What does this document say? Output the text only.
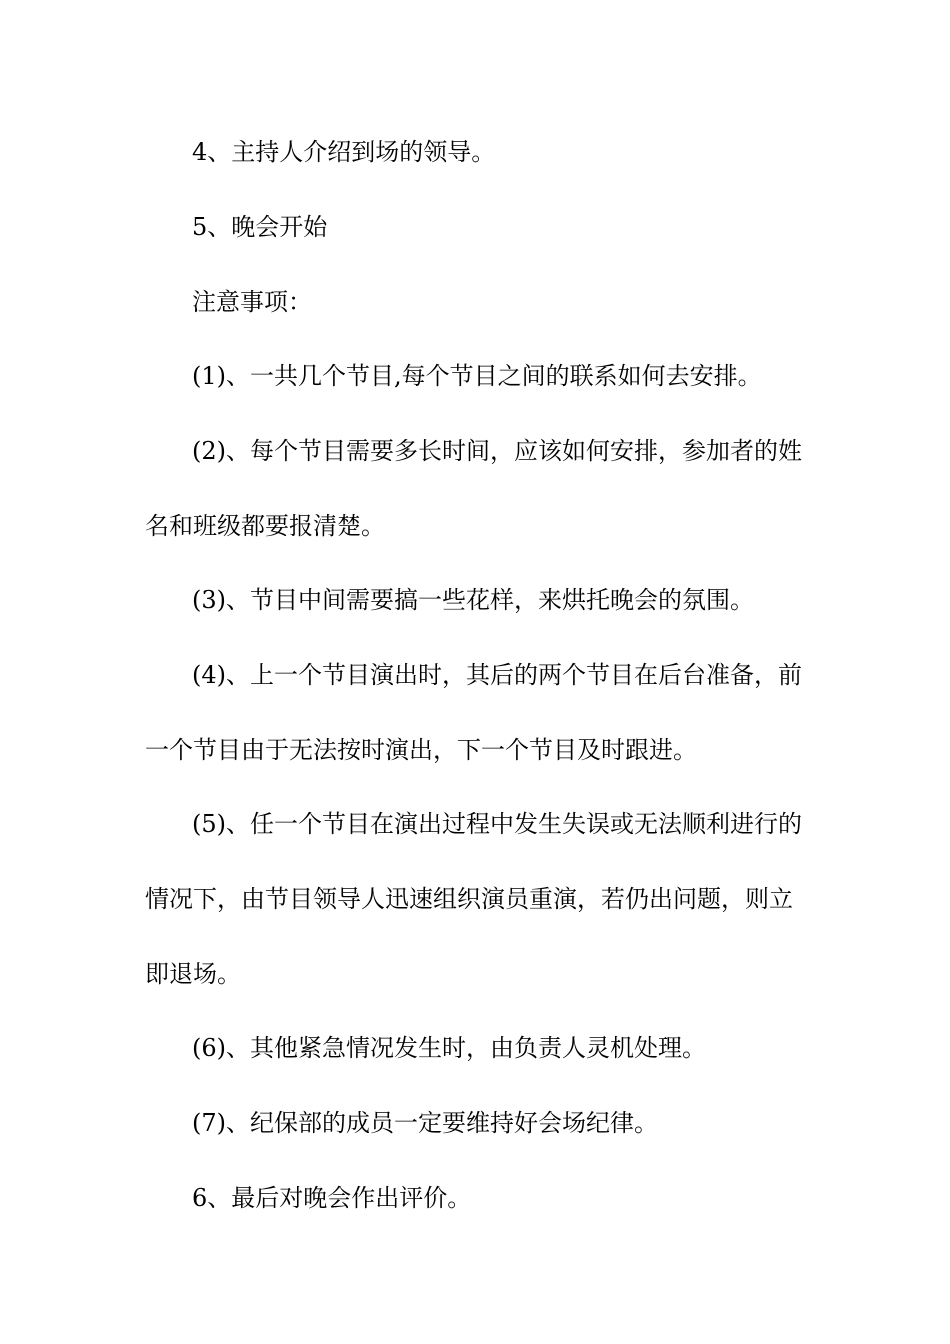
4、主持人介绍到场的领导。
5、晚会开始
注意事项：
(1)、一共几个节目,每个节目之间的联系如何去安排。
(2)、每个节目需要多长时间，应该如何安排，参加者的姓
名和班级都要报清楚。
(3)、节目中间需要搞一些花样，来烘托晚会的氛围。
(4)、上一个节目演出时，其后的两个节目在后台准备，前
一个节目由于无法按时演出，下一个节目及时跟进。
(5)、任一个节目在演出过程中发生失误或无法顺利进行的
情况下，由节目领导人迅速组织演员重演，若仍出问题，则立
即退场。
(6)、其他紧急情况发生时，由负责人灵机处理。
(7)、纪保部的成员一定要维持好会场纪律。
6、最后对晚会作出评价。
